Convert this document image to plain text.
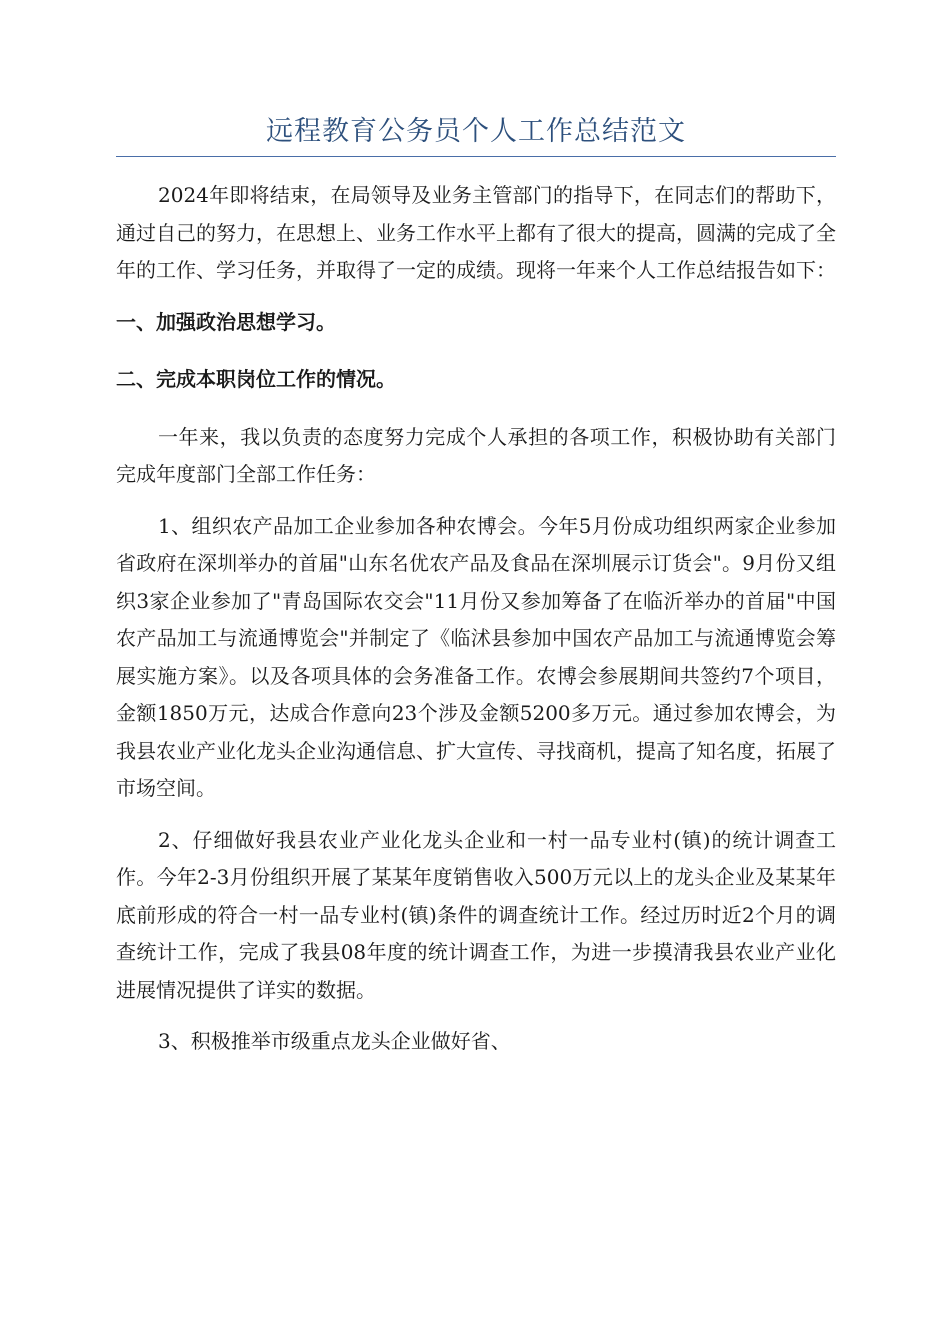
远程教育公务员个人工作总结范文

2024年即将结束，在局领导及业务主管部门的指导下，在同志们的帮助下，通过自己的努力，在思想上、业务工作水平上都有了很大的提高，圆满的完成了全年的工作、学习任务，并取得了一定的成绩。现将一年来个人工作总结报告如下：

一、加强政治思想学习。

二、完成本职岗位工作的情况。

一年来，我以负责的态度努力完成个人承担的各项工作，积极协助有关部门完成年度部门全部工作任务：

1、组织农产品加工企业参加各种农博会。今年5月份成功组织两家企业参加省政府在深圳举办的首届"山东名优农产品及食品在深圳展示订货会"。9月份又组织3家企业参加了"青岛国际农交会"11月份又参加筹备了在临沂举办的首届"中国农产品加工与流通博览会"并制定了《临沭县参加中国农产品加工与流通博览会筹展实施方案》。以及各项具体的会务准备工作。农博会参展期间共签约7个项目，金额1850万元，达成合作意向23个涉及金额5200多万元。通过参加农博会，为我县农业产业化龙头企业沟通信息、扩大宣传、寻找商机，提高了知名度，拓展了市场空间。

2、仔细做好我县农业产业化龙头企业和一村一品专业村(镇)的统计调查工作。今年2-3月份组织开展了某某年度销售收入500万元以上的龙头企业及某某年底前形成的符合一村一品专业村(镇)条件的调查统计工作。经过历时近2个月的调查统计工作，完成了我县08年度的统计调查工作，为进一步摸清我县农业产业化进展情况提供了详实的数据。

3、积极推举市级重点龙头企业做好省、
